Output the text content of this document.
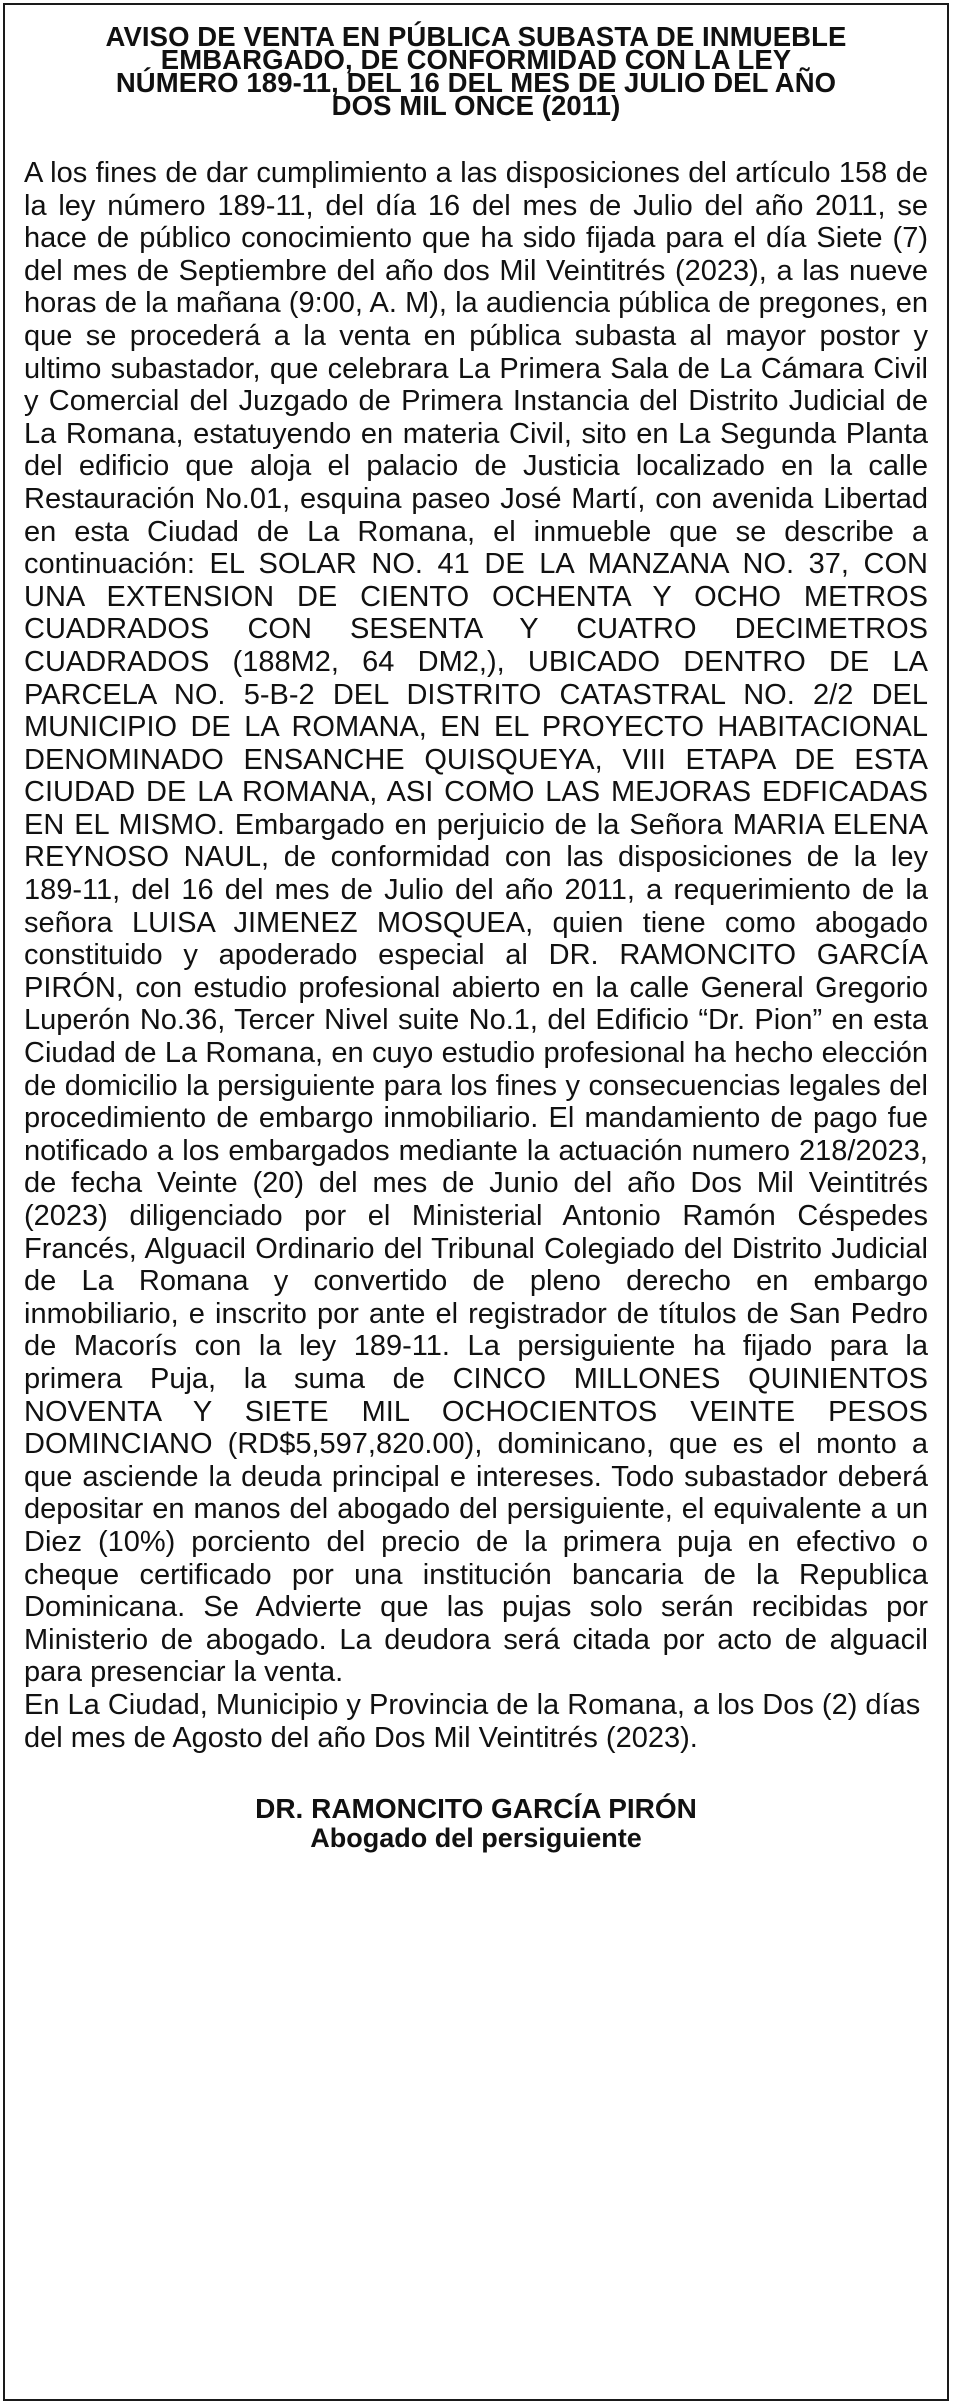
AVISO DE VENTA EN PÚBLICA SUBASTA DE INMUEBLE
EMBARGADO, DE CONFORMIDAD CON LA LEY
NÚMERO 189-11, DEL 16 DEL MES DE JULIO DEL AÑO
DOS MIL ONCE (2011)
A los fines de dar cumplimiento a las disposiciones del artículo 158 de la ley número 189-11, del día 16 del mes de Julio del año 2011, se hace de público conocimiento que ha sido fijada para el día Siete (7) del mes de Septiembre del año dos Mil Veintitrés (2023), a las nueve horas de la mañana (9:00, A. M), la audiencia pública de pregones, en que se procederá a la venta en pública subasta al mayor postor y ultimo subastador, que celebrara La Primera Sala de La Cámara Civil y Comercial del Juzgado de Primera Instancia del Distrito Judicial de La Romana, estatuyendo en materia Civil, sito en La Segunda Planta del edificio que aloja el palacio de Justicia localizado en la calle Restauración No.01, esquina paseo José Martí, con avenida Libertad en esta Ciudad de La Romana, el inmueble que se describe a continuación: EL SOLAR NO. 41 DE LA MANZANA NO. 37, CON UNA EXTENSION DE CIENTO OCHENTA Y OCHO METROS CUADRADOS CON SESENTA Y CUATRO DECIMETROS CUADRADOS (188M2, 64 DM2,), UBICADO DENTRO DE LA PARCELA NO. 5-B-2 DEL DISTRITO CATASTRAL NO. 2/2 DEL MUNICIPIO DE LA ROMANA, EN EL PROYECTO HABITACIONAL DENOMINADO ENSANCHE QUISQUEYA, VIII ETAPA DE ESTA CIUDAD DE LA ROMANA, ASI COMO LAS MEJORAS EDFICADAS EN EL MISMO. Embargado en perjuicio de la Señora MARIA ELENA REYNOSO NAUL, de conformidad con las disposiciones de la ley 189-11, del 16 del mes de Julio del año 2011, a requerimiento de la señora LUISA JIMENEZ MOSQUEA, quien tiene como abogado constituido y apoderado especial al DR. RAMONCITO GARCÍA PIRÓN, con estudio profesional abierto en la calle General Gregorio Luperón No.36, Tercer Nivel suite No.1, del Edificio “Dr. Pion” en esta Ciudad de La Romana, en cuyo estudio profesional ha hecho elección de domicilio la persiguiente para los fines y consecuencias legales del procedimiento de embargo inmobiliario. El mandamiento de pago fue notificado a los embargados mediante la actuación numero 218/2023, de fecha Veinte (20) del mes de Junio del año Dos Mil Veintitrés (2023) diligenciado por el Ministerial Antonio Ramón Céspedes Francés, Alguacil Ordinario del Tribunal Colegiado del Distrito Judicial de La Romana y convertido de pleno derecho en embargo inmobiliario, e inscrito por ante el registrador de títulos de San Pedro de Macorís con la ley 189-11. La persiguiente ha fijado para la primera Puja, la suma de CINCO MILLONES QUINIENTOS NOVENTA Y SIETE MIL OCHOCIENTOS VEINTE PESOS DOMINCIANO (RD$5,597,820.00), dominicano, que es el monto a que asciende la deuda principal e intereses. Todo subastador deberá depositar en manos del abogado del persiguiente, el equivalente a un Diez (10%) porciento del precio de la primera puja en efectivo o cheque certificado por una institución bancaria de la Republica Dominicana. Se Advierte que las pujas solo serán recibidas por Ministerio de abogado. La deudora será citada por acto de alguacil para presenciar la venta.
En La Ciudad, Municipio y Provincia de la Romana, a los Dos (2) días del mes de Agosto del año Dos Mil Veintitrés (2023).
DR. RAMONCITO GARCÍA PIRÓN
Abogado del persiguiente
